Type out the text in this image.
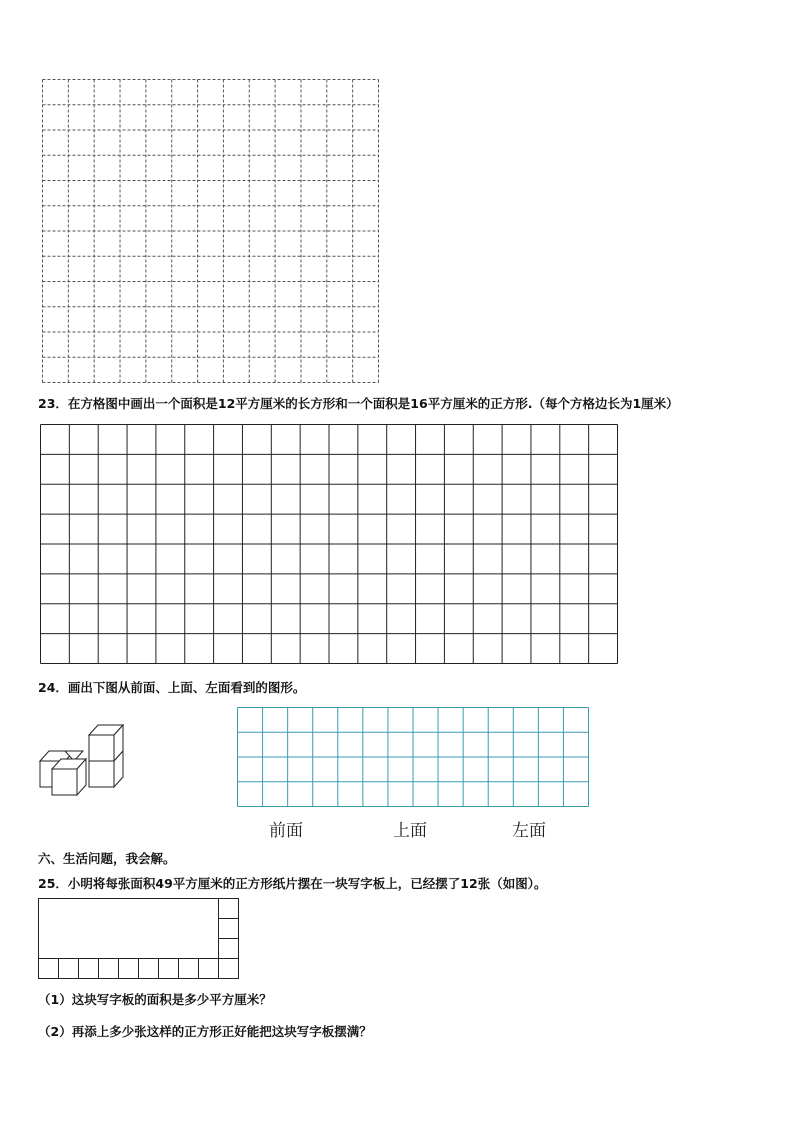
23．在方格图中画出一个面积是12平方厘米的长方形和一个面积是16平方厘米的正方形.（每个方格边长为1厘米）
24．画出下图从前面、上面、左面看到的图形。
前面	上面	左面
六、生活问题，我会解。
25．小明将每张面积49平方厘米的正方形纸片摆在一块写字板上，已经摆了12张（如图）。
（1）这块写字板的面积是多少平方厘米？
（2）再添上多少张这样的正方形正好能把这块写字板摆满？
